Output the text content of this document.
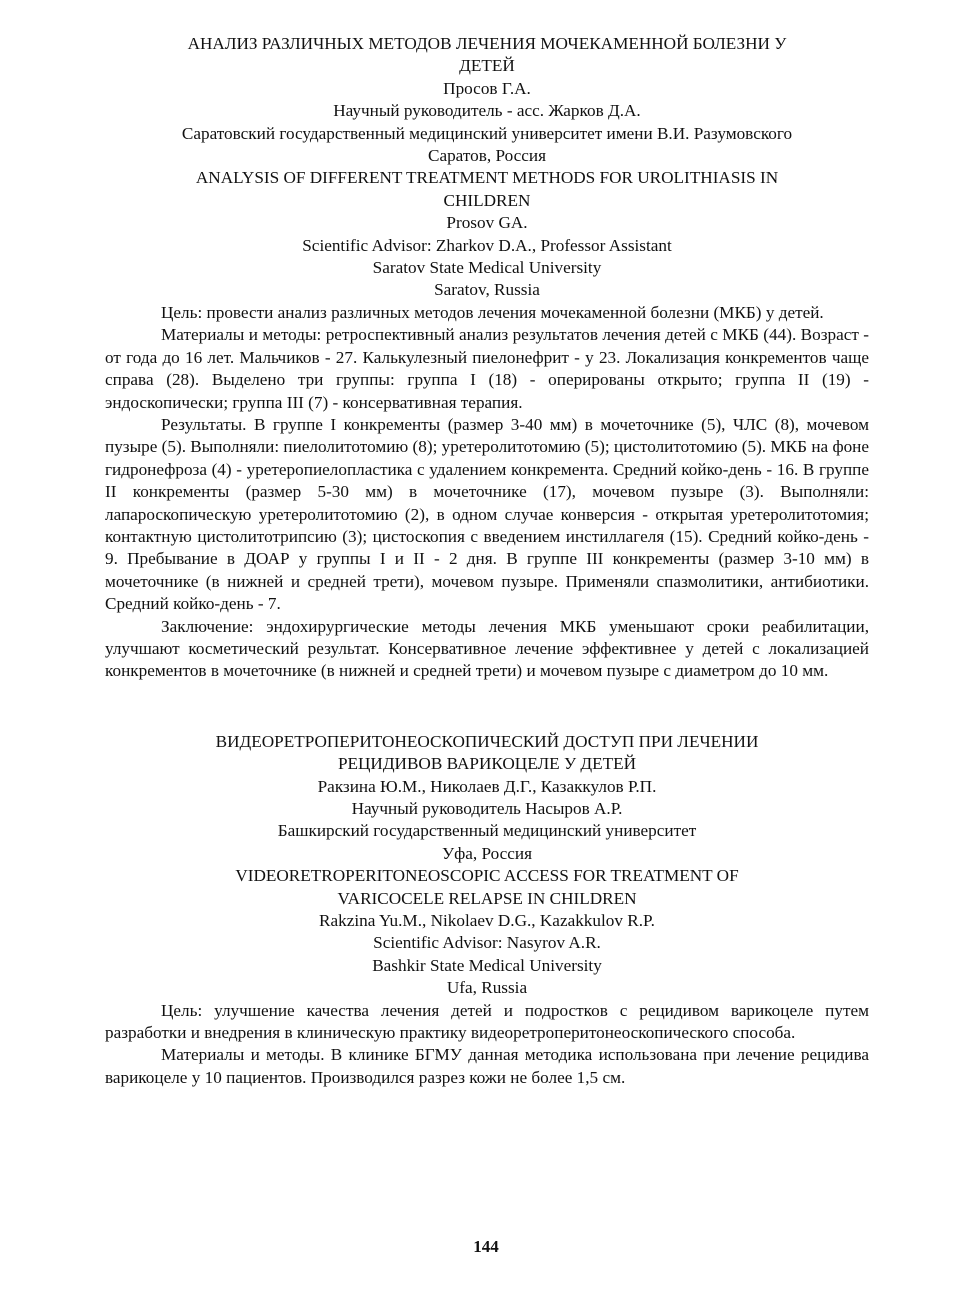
АНАЛИЗ РАЗЛИЧНЫХ МЕТОДОВ ЛЕЧЕНИЯ МОЧЕКАМЕННОЙ БОЛЕЗНИ У
ДЕТЕЙ
Просов Г.А.
Научный руководитель - асс. Жарков Д.А.
Саратовский государственный медицинский университет имени В.И. Разумовского
Саратов, Россия
ANALYSIS OF DIFFERENT TREATMENT METHODS FOR UROLITHIASIS IN
CHILDREN
Prosov GA.
Scientific Advisor: Zharkov D.A., Professor Assistant
Saratov State Medical University
Saratov, Russia

Цель: провести анализ различных методов лечения мочекаменной болезни (МКБ) у детей.

Материалы и методы: ретроспективный анализ результатов лечения детей с МКБ (44). Возраст - от года до 16 лет. Мальчиков - 27. Калькулезный пиелонефрит - у 23. Локализация конкрементов чаще справа (28). Выделено три группы: группа I (18) - оперированы открыто; группа II (19) - эндоскопически; группа III (7) - консервативная терапия.

Результаты. В группе I конкременты (размер 3-40 мм) в мочеточнике (5), ЧЛС (8), мочевом пузыре (5). Выполняли: пиелолитотомию (8); уретеролитотомию (5); цистолитотомию (5). МКБ на фоне гидронефроза (4) - уретеропиелопластика с удалением конкремента. Средний койко-день - 16. В группе II конкременты (размер 5-30 мм) в мочеточнике (17), мочевом пузыре (3). Выполняли: лапароскопическую уретеролитотомию (2), в одном случае конверсия - открытая уретеролитотомия; контактную цистолитотрипсию (3); цистоскопия с введением инстиллагеля (15). Средний койко-день - 9. Пребывание в ДОАР у группы I и II - 2 дня. В группе III конкременты (размер 3-10 мм) в мочеточнике (в нижней и средней трети), мочевом пузыре. Применяли спазмолитики, антибиотики. Средний койко-день - 7.

Заключение: эндохирургические методы лечения МКБ уменьшают сроки реабилитации, улучшают косметический результат. Консервативное лечение эффективнее у детей с локализацией конкрементов в мочеточнике (в нижней и средней трети) и мочевом пузыре с диаметром до 10 мм.

ВИДЕОРЕТРОПЕРИТОНЕОСКОПИЧЕСКИЙ ДОСТУП ПРИ ЛЕЧЕНИИ
РЕЦИДИВОВ ВАРИКОЦЕЛЕ У ДЕТЕЙ
Ракзина Ю.М., Николаев Д.Г., Казаккулов Р.П.
Научный руководитель Насыров А.Р.
Башкирский государственный медицинский университет
Уфа, Россия
VIDEORETROPERITONEOSCOPIC ACCESS FOR TREATMENT OF
VARICOCELE RELAPSE IN CHILDREN
Rakzina Yu.M., Nikolaev D.G., Kazakkulov R.P.
Scientific Advisor: Nasyrov A.R.
Bashkir State Medical University
Ufa, Russia

Цель: улучшение качества лечения детей и подростков с рецидивом варикоцеле путем разработки и внедрения в клиническую практику видеоретроперитонеоскопического способа.

Материалы и методы. В клинике БГМУ данная методика использована при лечение рецидива варикоцеле у 10 пациентов. Производился разрез кожи не более 1,5 см.

144
